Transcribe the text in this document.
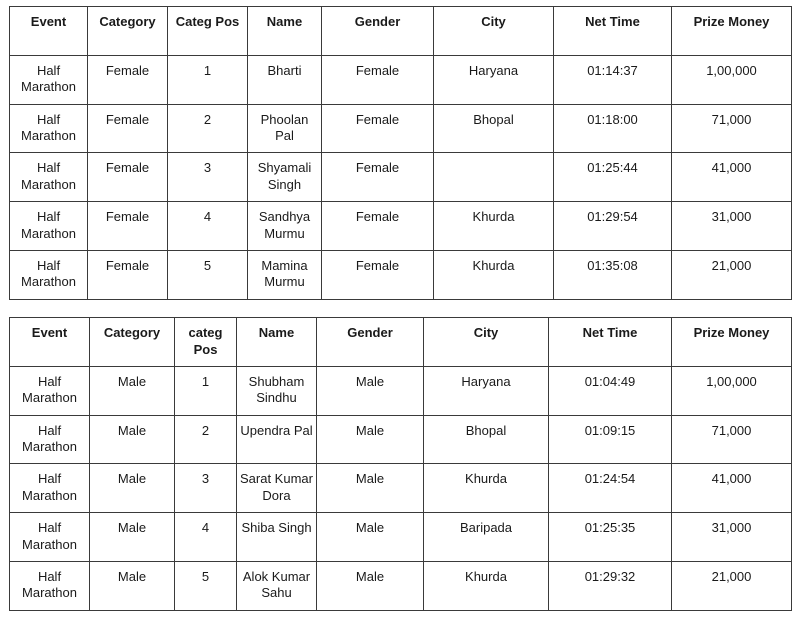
Event	Category	Categ Pos	Name	Gender	City	Net Time	Prize Money
Half Marathon	Female	1	Bharti	Female	Haryana	01:14:37	1,00,000
Half Marathon	Female	2	Phoolan Pal	Female	Bhopal	01:18:00	71,000
Half Marathon	Female	3	Shyamali Singh	Female		01:25:44	41,000
Half Marathon	Female	4	Sandhya Murmu	Female	Khurda	01:29:54	31,000
Half Marathon	Female	5	Mamina Murmu	Female	Khurda	01:35:08	21,000
Event	Category	categ Pos	Name	Gender	City	Net Time	Prize Money
Half Marathon	Male	1	Shubham Sindhu	Male	Haryana	01:04:49	1,00,000
Half Marathon	Male	2	Upendra Pal	Male	Bhopal	01:09:15	71,000
Half Marathon	Male	3	Sarat Kumar Dora	Male	Khurda	01:24:54	41,000
Half Marathon	Male	4	Shiba Singh	Male	Baripada	01:25:35	31,000
Half Marathon	Male	5	Alok Kumar Sahu	Male	Khurda	01:29:32	21,000
